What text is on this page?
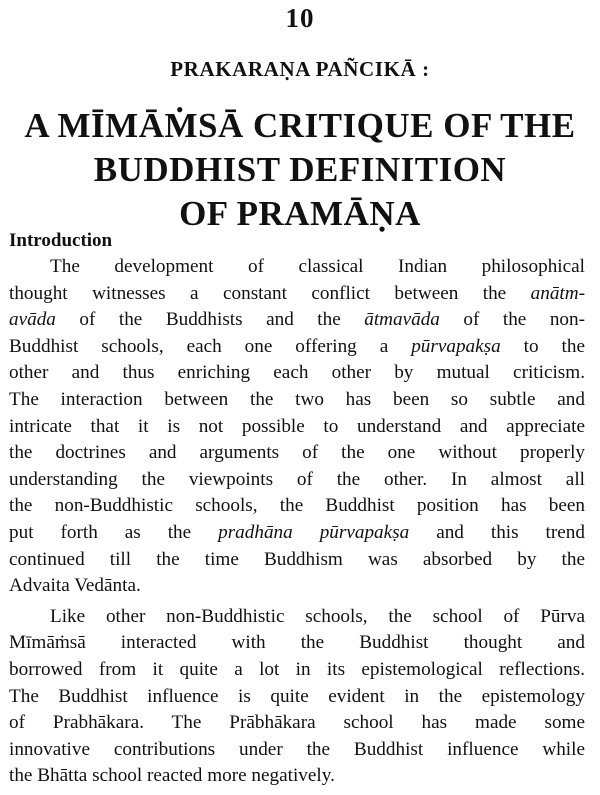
10
PRAKARAṆA PAÑCIKĀ :
A MĪMĀṀSĀ CRITIQUE OF THE
BUDDHIST DEFINITION
OF PRAMĀṆA
Introduction
The development of classical Indian philosophical
thought witnesses a constant conflict between the anātm-
avāda of the Buddhists and the ātmavāda of the non-
Buddhist schools, each one offering a pūrvapakṣa to the
other and thus enriching each other by mutual criticism.
The interaction between the two has been so subtle and
intricate that it is not possible to understand and appreciate
the doctrines and arguments of the one without properly
understanding the viewpoints of the other. In almost all
the non-Buddhistic schools, the Buddhist position has been
put forth as the pradhāna pūrvapakṣa and this trend
continued till the time Buddhism was absorbed by the
Advaita Vedānta.
Like other non-Buddhistic schools, the school of Pūrva
Mīmāṁsā interacted with the Buddhist thought and
borrowed from it quite a lot in its epistemological reflections.
The Buddhist influence is quite evident in the epistemology
of Prabhākara. The Prābhākara school has made some
innovative contributions under the Buddhist influence while
the Bhātta school reacted more negatively.
